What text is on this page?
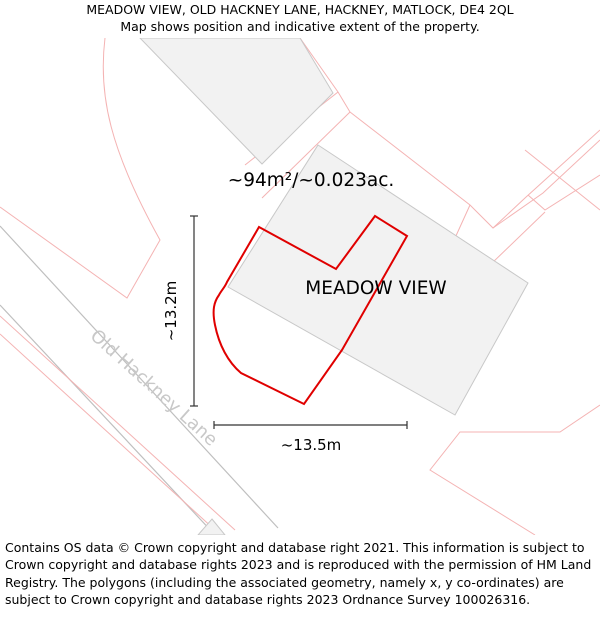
MEADOW VIEW, OLD HACKNEY LANE, HACKNEY, MATLOCK, DE4 2QL
Map shows position and indicative extent of the property.
~94m²/~0.023ac.
MEADOW VIEW
Old Hackney Lane
~13.2m
~13.5m
Contains OS data © Crown copyright and database right 2021. This information is subject to Crown copyright and database rights 2023 and is reproduced with the permission of HM Land Registry. The polygons (including the associated geometry, namely x, y co-ordinates) are subject to Crown copyright and database rights 2023 Ordnance Survey 100026316.
